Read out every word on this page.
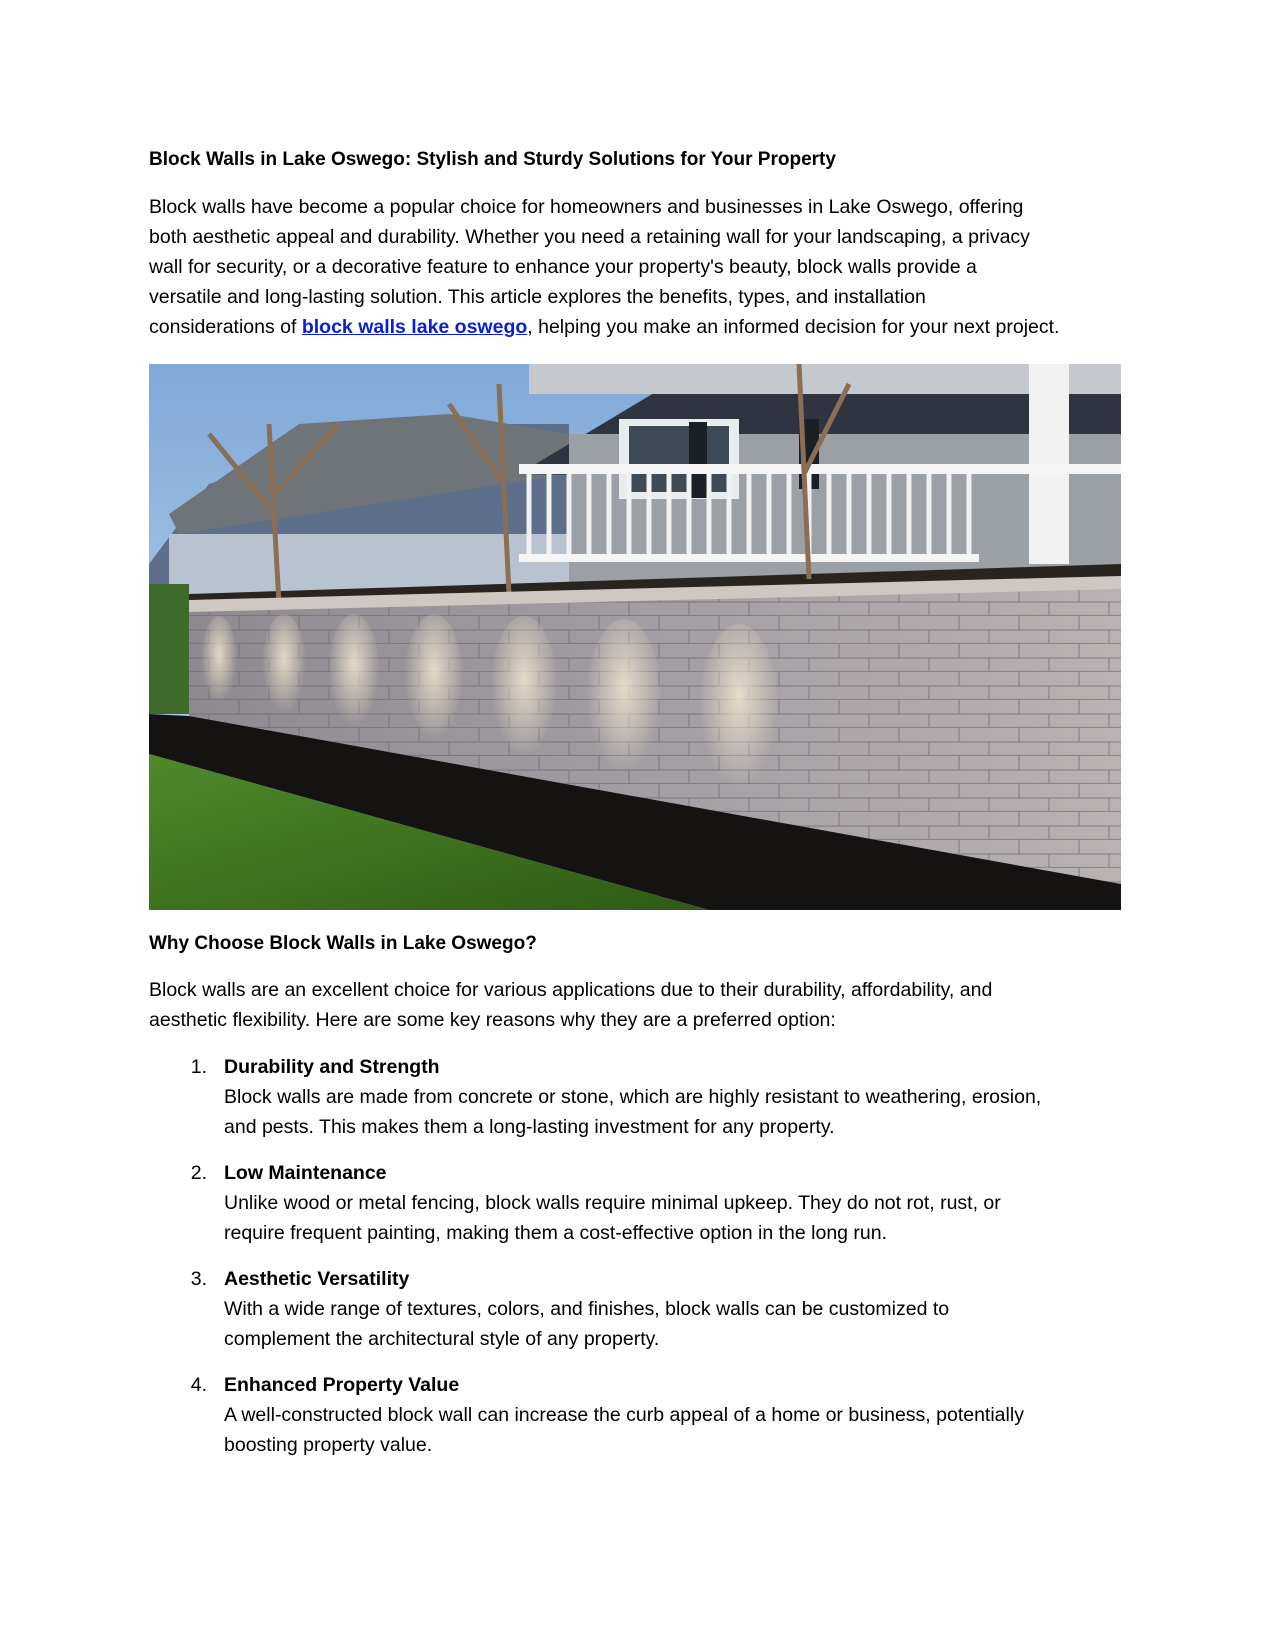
Block Walls in Lake Oswego: Stylish and Sturdy Solutions for Your Property
Block walls have become a popular choice for homeowners and businesses in Lake Oswego, offering
both aesthetic appeal and durability. Whether you need a retaining wall for your landscaping, a privacy
wall for security, or a decorative feature to enhance your property's beauty, block walls provide a
versatile and long-lasting solution. This article explores the benefits, types, and installation
considerations of block walls lake oswego, helping you make an informed decision for your next project.
Why Choose Block Walls in Lake Oswego?
Block walls are an excellent choice for various applications due to their durability, affordability, and
aesthetic flexibility. Here are some key reasons why they are a preferred option:
1. Durability and Strength
Block walls are made from concrete or stone, which are highly resistant to weathering, erosion,
and pests. This makes them a long-lasting investment for any property.
2. Low Maintenance
Unlike wood or metal fencing, block walls require minimal upkeep. They do not rot, rust, or
require frequent painting, making them a cost-effective option in the long run.
3. Aesthetic Versatility
With a wide range of textures, colors, and finishes, block walls can be customized to
complement the architectural style of any property.
4. Enhanced Property Value
A well-constructed block wall can increase the curb appeal of a home or business, potentially
boosting property value.
